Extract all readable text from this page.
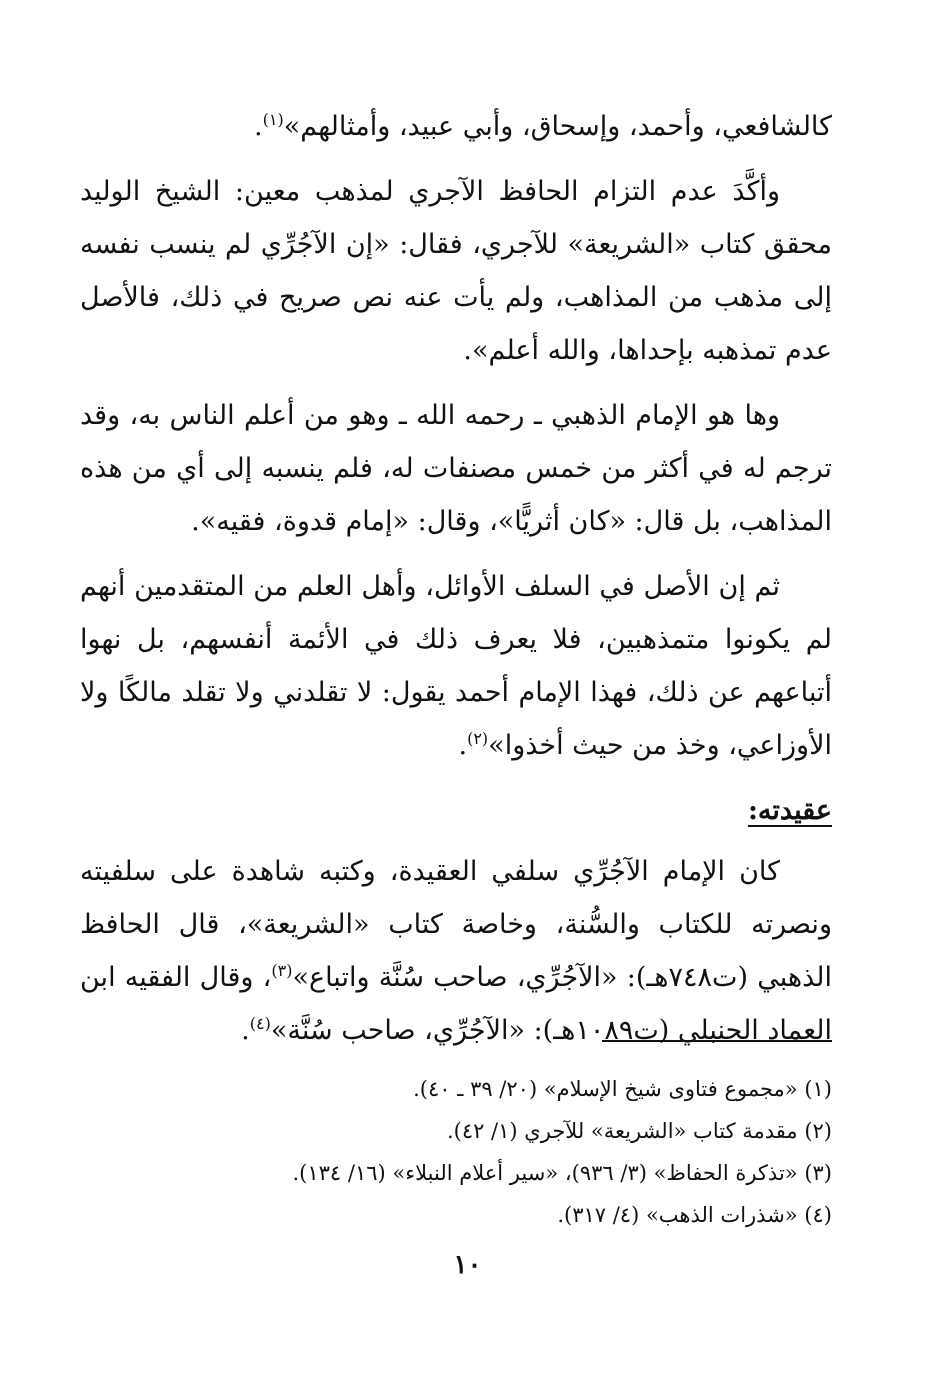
كالشافعي، وأحمد، وإسحاق، وأبي عبيد، وأمثالهم»$^{(١)}$.

وأكَّدَ عدم التزام الحافظ الآجري لمذهب معين: الشيخ الوليد محقق كتاب «الشريعة» للآجري، فقال: «إن الآجُرِّي لم ينسب نفسه إلى مذهب من المذاهب، ولم يأت عنه نص صريح في ذلك، فالأصل عدم تمذهبه بإحداها، والله أعلم».

وها هو الإمام الذهبي ـ رحمه الله ـ وهو من أعلم الناس به، وقد ترجم له في أكثر من خمس مصنفات له، فلم ينسبه إلى أي من هذه المذاهب، بل قال: «كان أثريًّا»، وقال: «إمام قدوة، فقيه».

ثم إن الأصل في السلف الأوائل، وأهل العلم من المتقدمين أنهم لم يكونوا متمذهبين، فلا يعرف ذلك في الأئمة أنفسهم، بل نهوا أتباعهم عن ذلك، فهذا الإمام أحمد يقول: لا تقلدني ولا تقلد مالكًا ولا الأوزاعي، وخذ من حيث أخذوا»$^{(٢)}$.

عقيدته:

كان الإمام الآجُرِّي سلفي العقيدة، وكتبه شاهدة على سلفيته ونصرته للكتاب والسُّنة، وخاصة كتاب «الشريعة»، قال الحافظ الذهبي (ت٧٤٨هـ): «الآجُرِّي، صاحب سُنَّة واتباع»$^{(٣)}$، وقال الفقيه ابن العماد الحنبلي (ت١٠٨٩هـ): «الآجُرِّي، صاحب سُنَّة»$^{(٤)}$.

(١) «مجموع فتاوى شيخ الإسلام» (٢٠/ ٣٩ ـ ٤٠).

(٢) مقدمة كتاب «الشريعة» للآجري (١/ ٤٢).

(٣) «تذكرة الحفاظ» (٣/ ٩٣٦)، «سير أعلام النبلاء» (١٦/ ١٣٤).

(٤) «شذرات الذهب» (٤/ ٣١٧).

١٠
